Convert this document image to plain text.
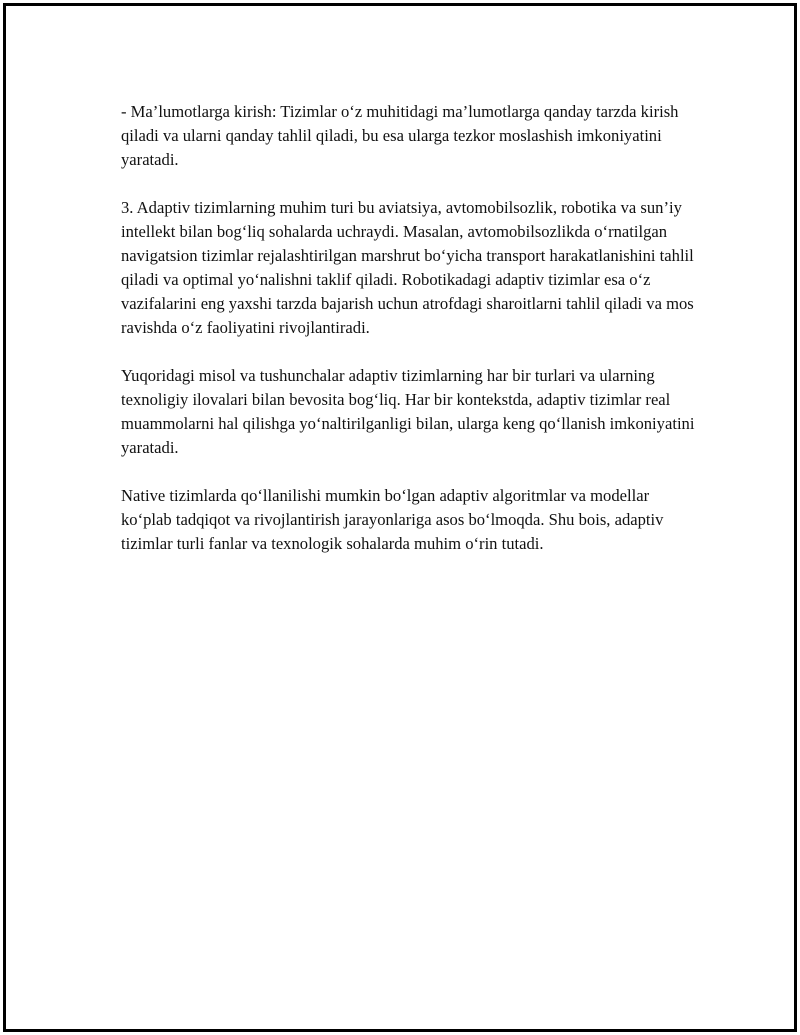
- Ma’lumotlarga kirish: Tizimlar o‘z muhitidagi ma’lumotlarga qanday tarzda kirish qiladi va ularni qanday tahlil qiladi, bu esa ularga tezkor moslashish imkoniyatini yaratadi.

3. Adaptiv tizimlarning muhim turi bu aviatsiya, avtomobilsozlik, robotika va sun’iy intellekt bilan bog‘liq sohalarda uchraydi. Masalan, avtomobilsozlikda o‘rnatilgan navigatsion tizimlar rejalashtirilgan marshrut bo‘yicha transport harakatlanishini tahlil qiladi va optimal yo‘nalishni taklif qiladi. Robotikadagi adaptiv tizimlar esa o‘z vazifalarini eng yaxshi tarzda bajarish uchun atrofdagi sharoitlarni tahlil qiladi va mos ravishda o‘z faoliyatini rivojlantiradi.

Yuqoridagi misol va tushunchalar adaptiv tizimlarning har bir turlari va ularning texnoligiy ilovalari bilan bevosita bog‘liq. Har bir kontekstda, adaptiv tizimlar real muammolarni hal qilishga yo‘naltirilganligi bilan, ularga keng qo‘llanish imkoniyatini yaratadi.

Native tizimlarda qo‘llanilishi mumkin bo‘lgan adaptiv algoritmlar va modellar ko‘plab tadqiqot va rivojlantirish jarayonlariga asos bo‘lmoqda. Shu bois, adaptiv tizimlar turli fanlar va texnologik sohalarda muhim o‘rin tutadi.
